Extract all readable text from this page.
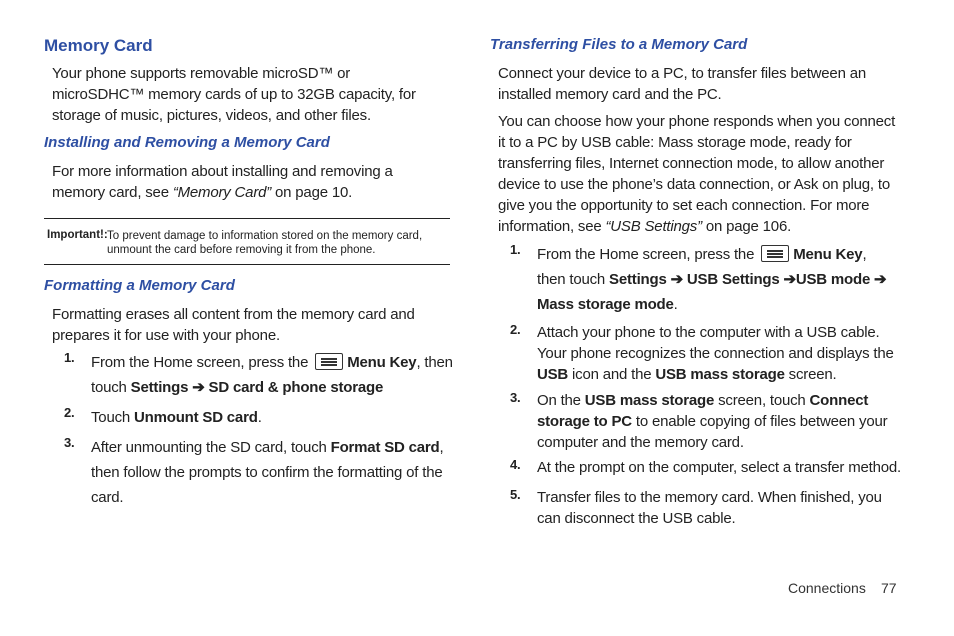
Memory Card
Your phone supports removable microSD™ or microSDHC™ memory cards of up to 32GB capacity, for storage of music, pictures, videos, and other files.
Installing and Removing a Memory Card
For more information about installing and removing a memory card, see “Memory Card” on page 10.
Important!: To prevent damage to information stored on the memory card, unmount the card before removing it from the phone.
Formatting a Memory Card
Formatting erases all content from the memory card and prepares it for use with your phone.
1. From the Home screen, press the Menu Key, then touch Settings ➔ SD card & phone storage
2. Touch Unmount SD card.
3. After unmounting the SD card, touch Format SD card, then follow the prompts to confirm the formatting of the card.
Transferring Files to a Memory Card
Connect your device to a PC, to transfer files between an installed memory card and the PC.
You can choose how your phone responds when you connect it to a PC by USB cable: Mass storage mode, ready for transferring files, Internet connection mode, to allow another device to use the phone’s data connection, or Ask on plug, to give you the opportunity to set each connection. For more information, see “USB Settings” on page 106.
1. From the Home screen, press the Menu Key, then touch Settings ➔ USB Settings ➔USB mode ➔ Mass storage mode.
2. Attach your phone to the computer with a USB cable. Your phone recognizes the connection and displays the USB icon and the USB mass storage screen.
3. On the USB mass storage screen, touch Connect storage to PC to enable copying of files between your computer and the memory card.
4. At the prompt on the computer, select a transfer method.
5. Transfer files to the memory card. When finished, you can disconnect the USB cable.
Connections 77
